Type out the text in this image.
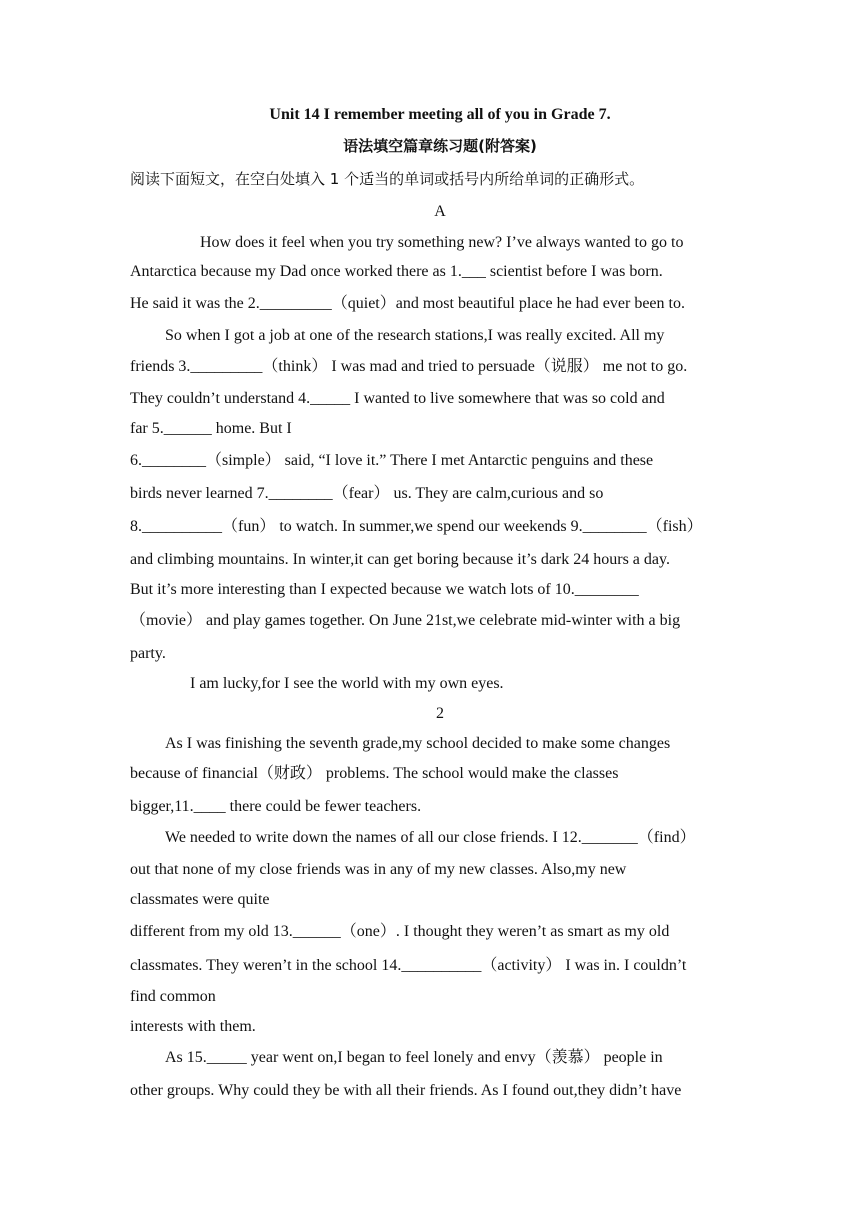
Unit 14 I remember meeting all of you in Grade 7.
语法填空篇章练习题(附答案)
阅读下面短文，在空白处填入 1 个适当的单词或括号内所给单词的正确形式。
A
How does it feel when you try something new? I’ve always wanted to go to
Antarctica because my Dad once worked there as 1.___ scientist before I was born.
He said it was the 2._________（quiet）and most beautiful place he had ever been to.
So when I got a job at one of the research stations,I was really excited. All my
friends 3._________（think） I was mad and tried to persuade（说服） me not to go.
They couldn’t understand 4._____ I wanted to live somewhere that was so cold and
far 5.______ home. But I
6.________（simple） said, “I love it.” There I met Antarctic penguins and these
birds never learned 7.________（fear） us. They are calm,curious and so
8.__________（fun） to watch. In summer,we spend our weekends 9.________（fish）
and climbing mountains. In winter,it can get boring because it’s dark 24 hours a day.
But it’s more interesting than I expected because we watch lots of 10.________
（movie） and play games together. On June 21st,we celebrate mid-winter with a big
party.
I am lucky,for I see the world with my own eyes.
2
As I was finishing the seventh grade,my school decided to make some changes
because of financial（财政） problems. The school would make the classes
bigger,11.____ there could be fewer teachers.
We needed to write down the names of all our close friends. I 12._______（find）
out that none of my close friends was in any of my new classes. Also,my new
classmates were quite
different from my old 13.______（one）. I thought they weren’t as smart as my old
classmates. They weren’t in the school 14.__________（activity） I was in. I couldn’t
find common
interests with them.
As 15._____ year went on,I began to feel lonely and envy（羡慕） people in
other groups. Why could they be with all their friends. As I found out,they didn’t have
